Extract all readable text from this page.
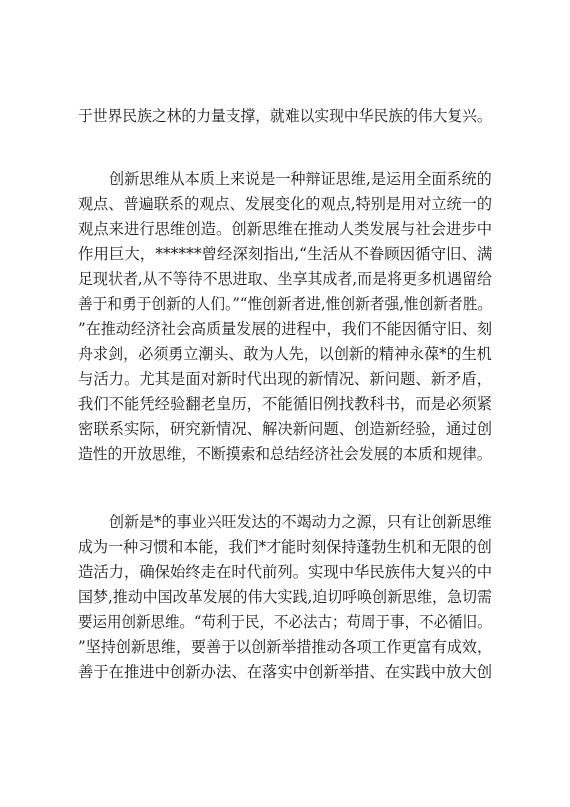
于世界民族之林的力量支撑，就难以实现中华民族的伟大复兴。
创新思维从本质上来说是一种辩证思维,是运用全面系统的
观点、普遍联系的观点、发展变化的观点,特别是用对立统一的
观点来进行思维创造。创新思维在推动人类发展与社会进步中
作用巨大，******曾经深刻指出,“生活从不眷顾因循守旧、满
足现状者,从不等待不思进取、坐享其成者,而是将更多机遇留给
善于和勇于创新的人们。”“惟创新者进,惟创新者强,惟创新者胜。
”在推动经济社会高质量发展的进程中，我们不能因循守旧、刻
舟求剑，必须勇立潮头、敢为人先，以创新的精神永葆*的生机
与活力。尤其是面对新时代出现的新情况、新问题、新矛盾，
我们不能凭经验翻老皇历，不能循旧例找教科书，而是必须紧
密联系实际，研究新情况、解决新问题、创造新经验，通过创
造性的开放思维，不断摸索和总结经济社会发展的本质和规律。
创新是*的事业兴旺发达的不竭动力之源，只有让创新思维
成为一种习惯和本能，我们*才能时刻保持蓬勃生机和无限的创
造活力，确保始终走在时代前列。实现中华民族伟大复兴的中
国梦,推动中国改革发展的伟大实践,迫切呼唤创新思维，急切需
要运用创新思维。“苟利于民，不必法古；苟周于事，不必循旧。
”坚持创新思维，要善于以创新举措推动各项工作更富有成效，
善于在推进中创新办法、在落实中创新举措、在实践中放大创
